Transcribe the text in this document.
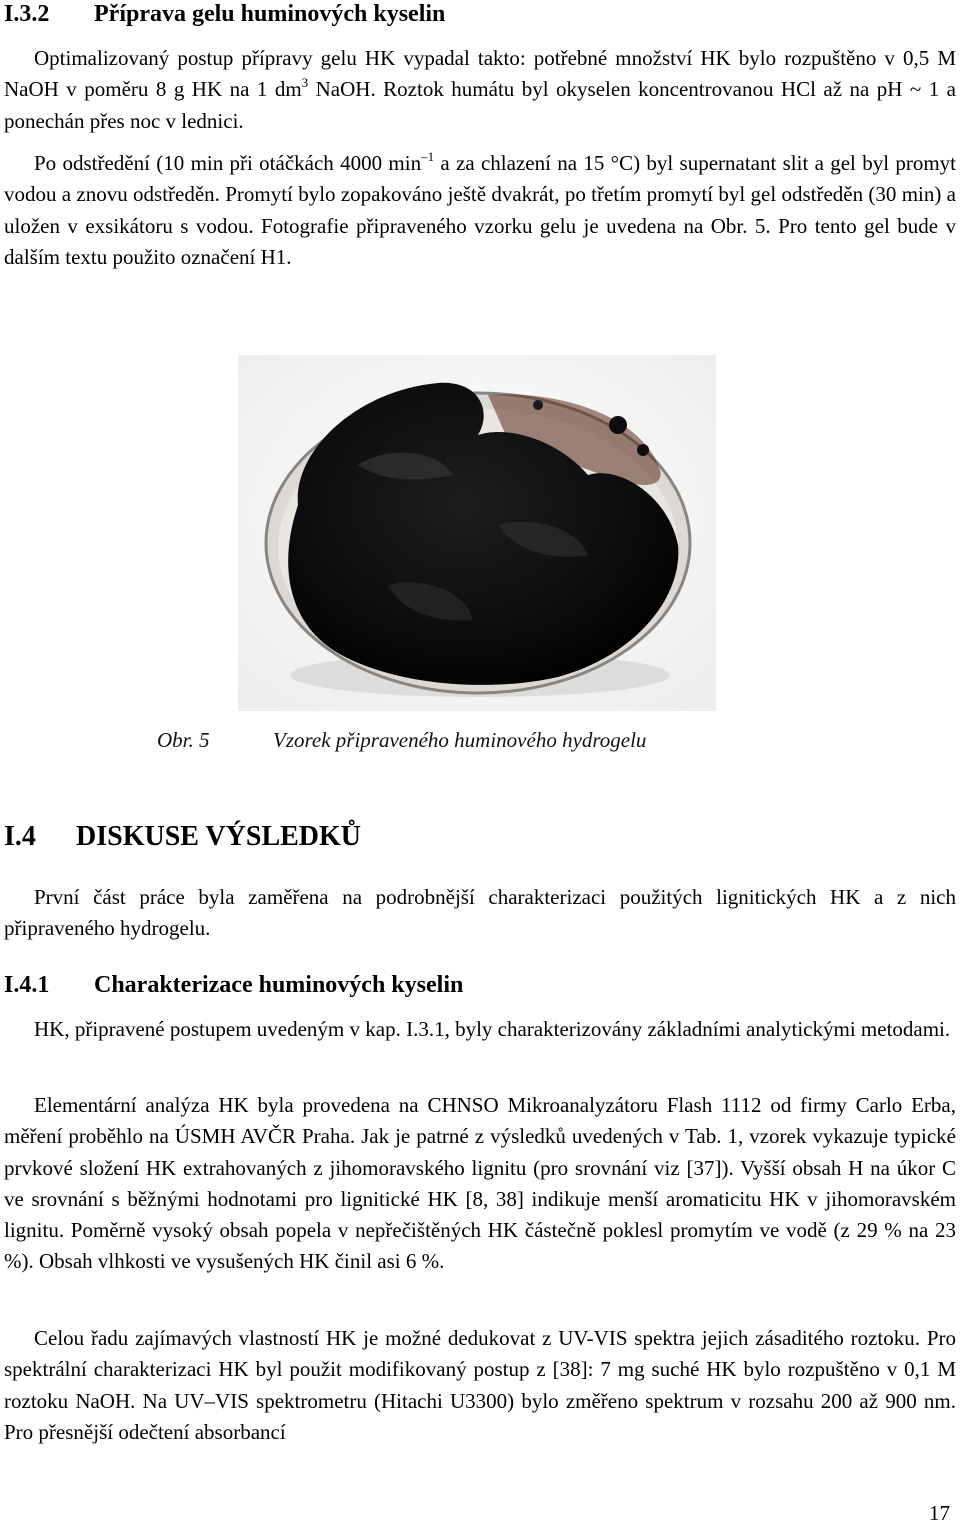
I.3.2 Příprava gelu huminových kyselin

Optimalizovaný postup přípravy gelu HK vypadal takto: potřebné množství HK bylo rozpuštěno v 0,5 M NaOH v poměru 8 g HK na 1 $dm^3$ NaOH. Roztok humátu byl okyselen koncentrovanou HCl až na pH ~ 1 a ponechán přes noc v lednici.

Po odstředění (10 min při otáčkách 4000 $\min^{-1} a$ za chlazení na 15 °C) byl supernatant slit a gel byl promyt vodou a znovu odstředěn. Promytí bylo zopakováno ještě dvakrát, po třetím promytí byl gel odstředěn (30 min) a uložen v exsikátoru s vodou. Fotografie připraveného vzorku gelu je uvedena na Obr. 5. Pro tento gel bude v dalším textu použito označení H1.

Obr. 5	Vzorek připraveného huminového hydrogelu
I.4 DISKUSE VÝSLEDKŮ

První část práce byla zaměřena na podrobnější charakterizaci použitých lignitických HK a z nich připraveného hydrogelu.

I.4.1 Charakterizace huminových kyselin

HK, připravené postupem uvedeným v kap. I.3.1, byly charakterizovány základními analytickými metodami.

Elementární analýza HK byla provedena na CHNSO Mikroanalyzátoru Flash 1112 od firmy Carlo Erba, měření proběhlo na ÚSMH AVČR Praha. Jak je patrné z výsledků uvedených v Tab. 1, vzorek vykazuje typické prvkové složení HK extrahovaných z jihomoravského lignitu (pro srovnání viz [37]). Vyšší obsah H na úkor C ve srovnání s běžnými hodnotami pro lignitické HK [8, 38] indikuje menší aromaticitu HK v jihomoravském lignitu. Poměrně vysoký obsah popela v nepřečištěných HK částečně poklesl promytím ve vodě (z 29 % na 23 %). Obsah vlhkosti ve vysušených HK činil asi 6 %.

Celou řadu zajímavých vlastností HK je možné dedukovat z UV-VIS spektra jejich zásaditého roztoku. Pro spektrální charakterizaci HK byl použit modifikovaný postup z [38]: 7 mg suché HK bylo rozpuštěno v 0,1 M roztoku NaOH. Na UV–VIS spektrometru (Hitachi U3300) bylo změřeno spektrum v rozsahu 200 až 900 nm. Pro přesnější odečtení absorbancí

17
